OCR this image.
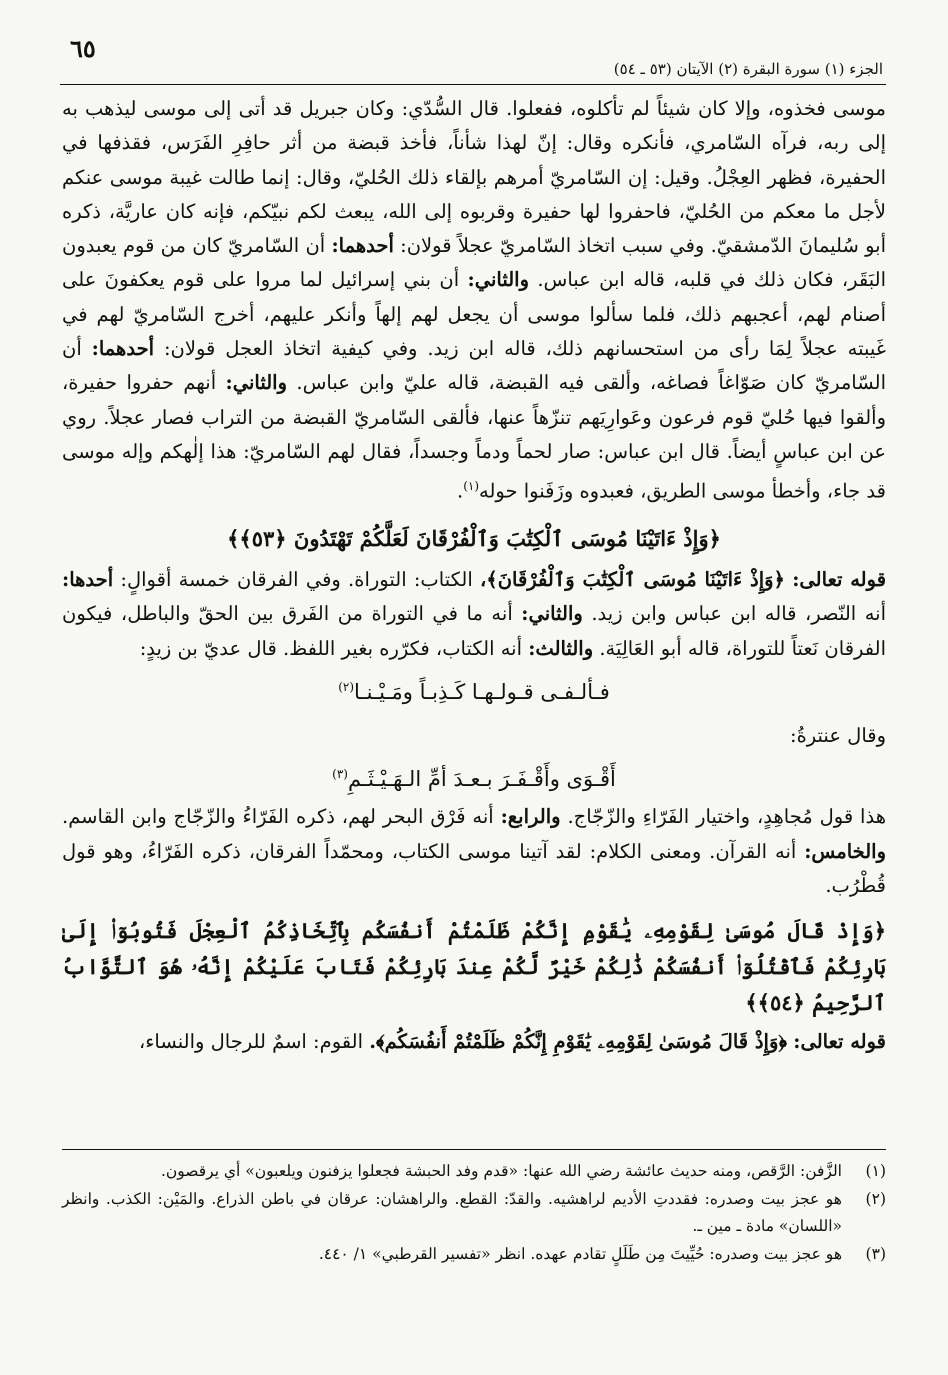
٦٥
الجزء (١) سورة البقرة (٢) الآيتان (٥٣ ـ ٥٤)

موسى فخذوه، وإلا كان شيئاً لم تأكلوه، ففعلوا. قال السُّدّي: وكان جبريل قد أتى إلى موسى ليذهب به إلى ربه، فرآه السّامري، فأنكره وقال: إنّ لهذا شأناً، فأخذ قبضة من أثر حافِرِ الفَرَس، فقذفها في الحفيرة، فظهر العِجْلُ. وقيل: إن السّامريّ أمرهم بإلقاء ذلك الحُليّ، وقال: إنما طالت غيبة موسى عنكم لأجل ما معكم من الحُليّ، فاحفروا لها حفيرة وقربوه إلى الله، يبعث لكم نبيّكم، فإنه كان عاريَّة، ذكره أبو سُليمانَ الدّمشقيّ. وفي سبب اتخاذ السّامريّ عجلاً قولان: أحدهما: أن السّامريّ كان من قوم يعبدون البَقَر، فكان ذلك في قلبه، قاله ابن عباس. والثاني: أن بني إسرائيل لما مروا على قوم يعكفونَ على أصنام لهم، أعجبهم ذلك، فلما سألوا موسى أن يجعل لهم إلهاً وأنكر عليهم، أخرج السّامريّ لهم في غَيبته عجلاً لِمَا رأى من استحسانهم ذلك، قاله ابن زيد. وفي كيفية اتخاذ العجل قولان: أحدهما: أن السّامريّ كان صَوّاغاً فصاغه، وألقى فيه القبضة، قاله عليّ وابن عباس. والثاني: أنهم حفروا حفيرة، وألقوا فيها حُليّ قوم فرعون وعَوارِيَهم تنزّهاً عنها، فألقى السّامريّ القبضة من التراب فصار عجلاً. روي عن ابن عباسٍ أيضاً. قال ابن عباس: صار لحماً ودماً وجسداً، فقال لهم السّامريّ: هذا إلٰهكم وإله موسى قد جاء، وأخطأ موسى الطريق، فعبدوه وزَفَنوا حوله$^{(١)}$.

﴿وَإِذْ ءَاتَيْنَا مُوسَى ٱلْكِتَٰبَ وَٱلْفُرْقَانَ لَعَلَّكُمْ تَهْتَدُونَ ﴿٥٣﴾﴾

قوله تعالى: ﴿وَإِذْ ءَاتَيْنَا مُوسَى ٱلْكِتَٰبَ وَٱلْفُرْقَانَ﴾، الكتاب: التوراة. وفي الفرقان خمسة أقوالٍ: أحدها: أنه النّصر، قاله ابن عباس وابن زيد. والثاني: أنه ما في التوراة من الفَرق بين الحقّ والباطل، فيكون الفرقان نَعتاً للتوراة، قاله أبو العَالِيَة. والثالث: أنه الكتاب، فكرّره بغير اللفظ. قال عديّ بن زيدٍ:

فـألـفـى قـولـهـا كَـذِبـاً ومَـيْـنـا$^{(٢)}$

وقال عنترةُ:

أَقْـوَى وأَقْـفَـرَ بـعـدَ أمِّ الـهَـيْـثَـمِ$^{(٣)}$

هذا قول مُجاهِدٍ، واختيار الفَرّاءِ والزّجّاج. والرابع: أنه فَرْق البحر لهم، ذكره الفَرّاءُ والزّجّاج وابن القاسم. والخامس: أنه القرآن. ومعنى الكلام: لقد آتينا موسى الكتاب، ومحمّداً الفرقان، ذكره الفَرّاءُ، وهو قول قُطْرُب.

﴿وَإِذْ قَالَ مُوسَىٰ لِقَوْمِهِۦ يَٰقَوْمِ إِنَّكُمْ ظَلَمْتُمْ أَنفُسَكُم بِٱتِّخَاذِكُمُ ٱلْعِجْلَ فَتُوبُوٓا۟ إِلَىٰ بَارِئِكُمْ فَٱقْتُلُوٓا۟ أَنفُسَكُمْ ذَٰلِكُمْ خَيْرٌ لَّكُمْ عِندَ بَارِئِكُمْ فَتَابَ عَلَيْكُمْ إِنَّهُۥ هُوَ ٱلتَّوَّابُ ٱلرَّحِيمُ ﴿٥٤﴾﴾

قوله تعالى: ﴿وَإِذْ قَالَ مُوسَىٰ لِقَوْمِهِۦ يَٰقَوْمِ إِنَّكُمْ ظَلَمْتُمْ أَنفُسَكُم﴾. القوم: اسمٌ للرجال والنساء،

(١)
الزَّفن: الرَّقص، ومنه حديث عائشة رضي الله عنها: «قدم وفد الحبشة فجعلوا يزفنون ويلعبون» أي يرقصون.
(٢)
هو عجز بيت وصدره: فقددتِ الأديم لراهشيه. والقدّ: القطع. والراهشان: عرقان في باطن الذراع. والمَيْن: الكذب. وانظر «اللسان» مادة ـ مين ـ.
(٣)
هو عجز بيت وصدره: حُيِّيتَ مِن طَلَلٍ تقادم عهده. انظر «تفسير القرطبي» ١/ ٤٤٠.
